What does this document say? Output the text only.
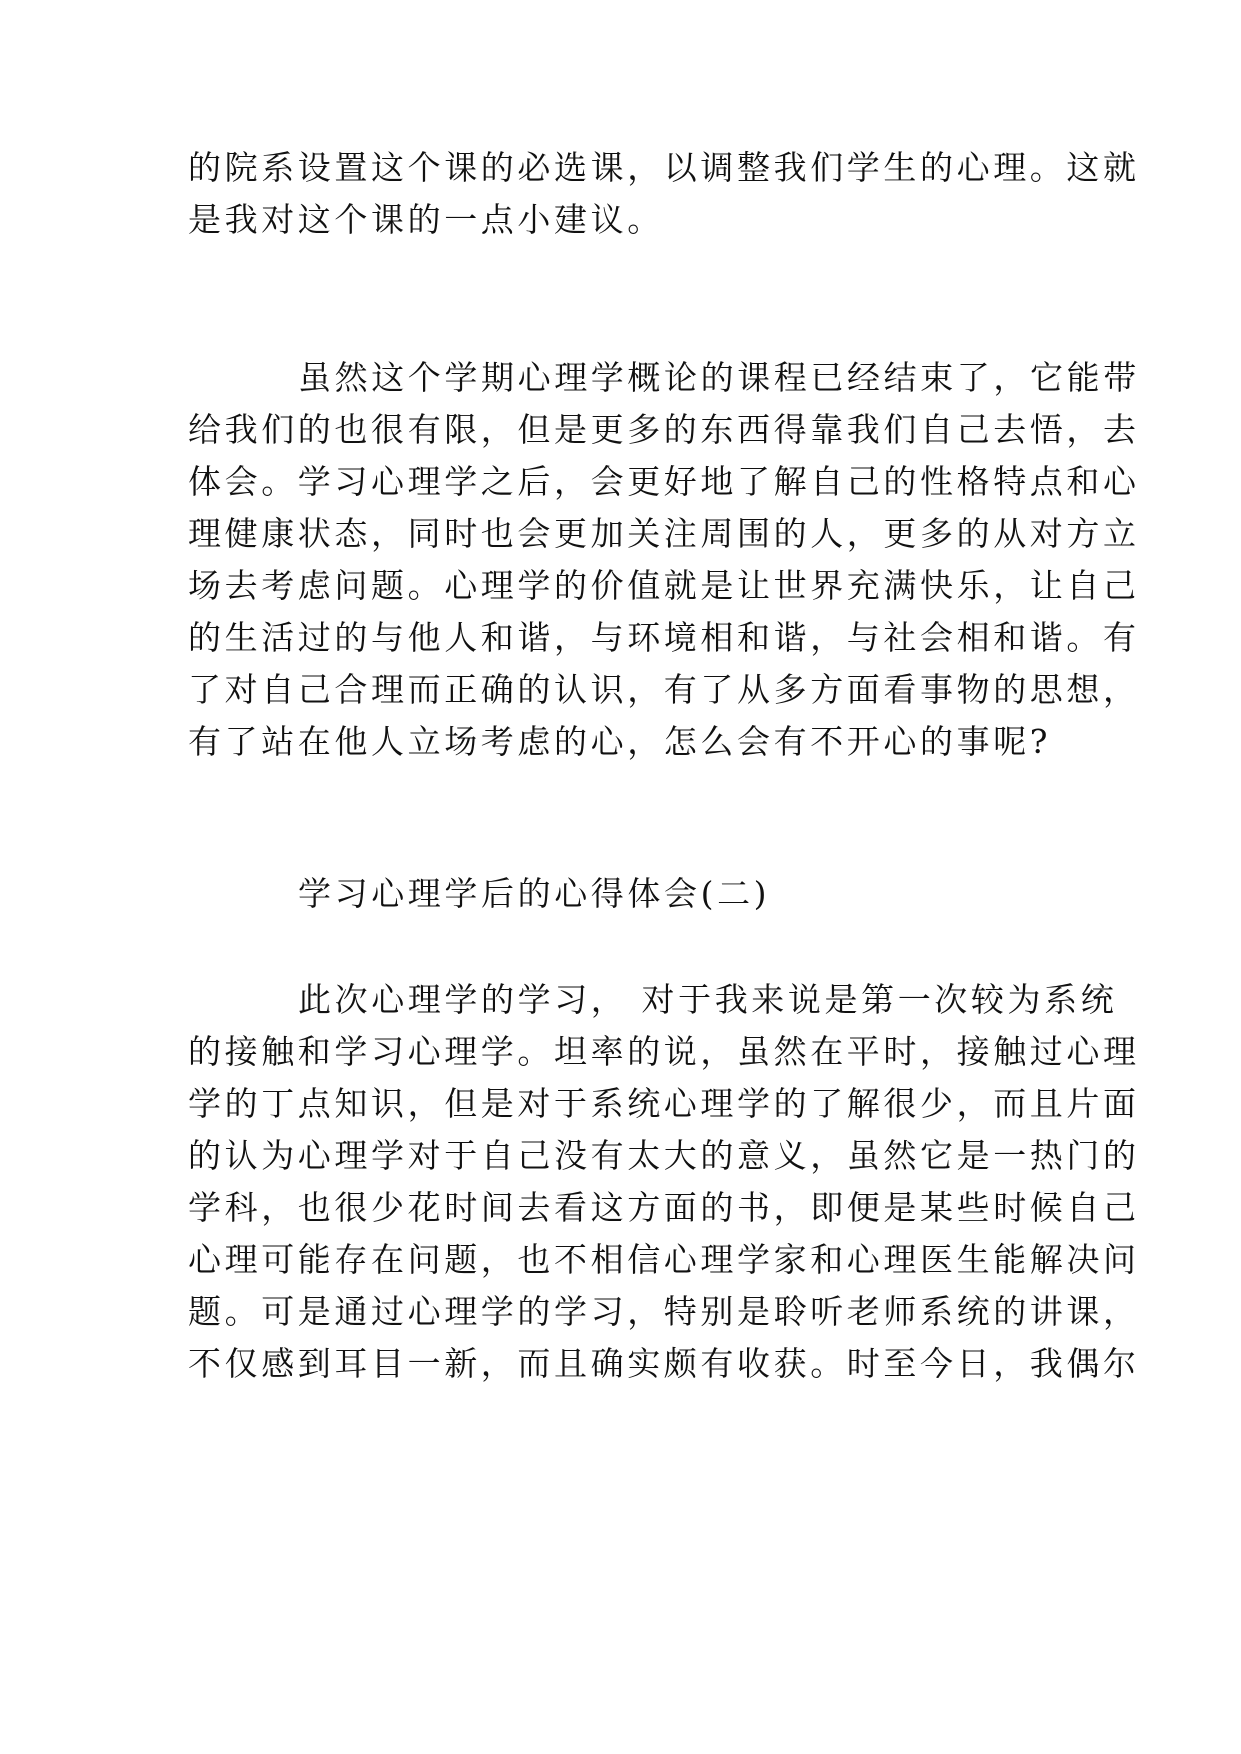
的院系设置这个课的必选课，以调整我们学生的心理。这就
是我对这个课的一点小建议。
虽然这个学期心理学概论的课程已经结束了，它能带
给我们的也很有限，但是更多的东西得靠我们自己去悟，去
体会。学习心理学之后，会更好地了解自己的性格特点和心
理健康状态，同时也会更加关注周围的人，更多的从对方立
场去考虑问题。心理学的价值就是让世界充满快乐，让自己
的生活过的与他人和谐，与环境相和谐，与社会相和谐。有
了对自己合理而正确的认识，有了从多方面看事物的思想，
有了站在他人立场考虑的心，怎么会有不开心的事呢?
学习心理学后的心得体会(二)
此次心理学的学习， 对于我来说是第一次较为系统
的接触和学习心理学。坦率的说，虽然在平时，接触过心理
学的丁点知识，但是对于系统心理学的了解很少，而且片面
的认为心理学对于自己没有太大的意义，虽然它是一热门的
学科，也很少花时间去看这方面的书，即便是某些时候自己
心理可能存在问题，也不相信心理学家和心理医生能解决问
题。可是通过心理学的学习，特别是聆听老师系统的讲课，
不仅感到耳目一新，而且确实颇有收获。时至今日，我偶尔
